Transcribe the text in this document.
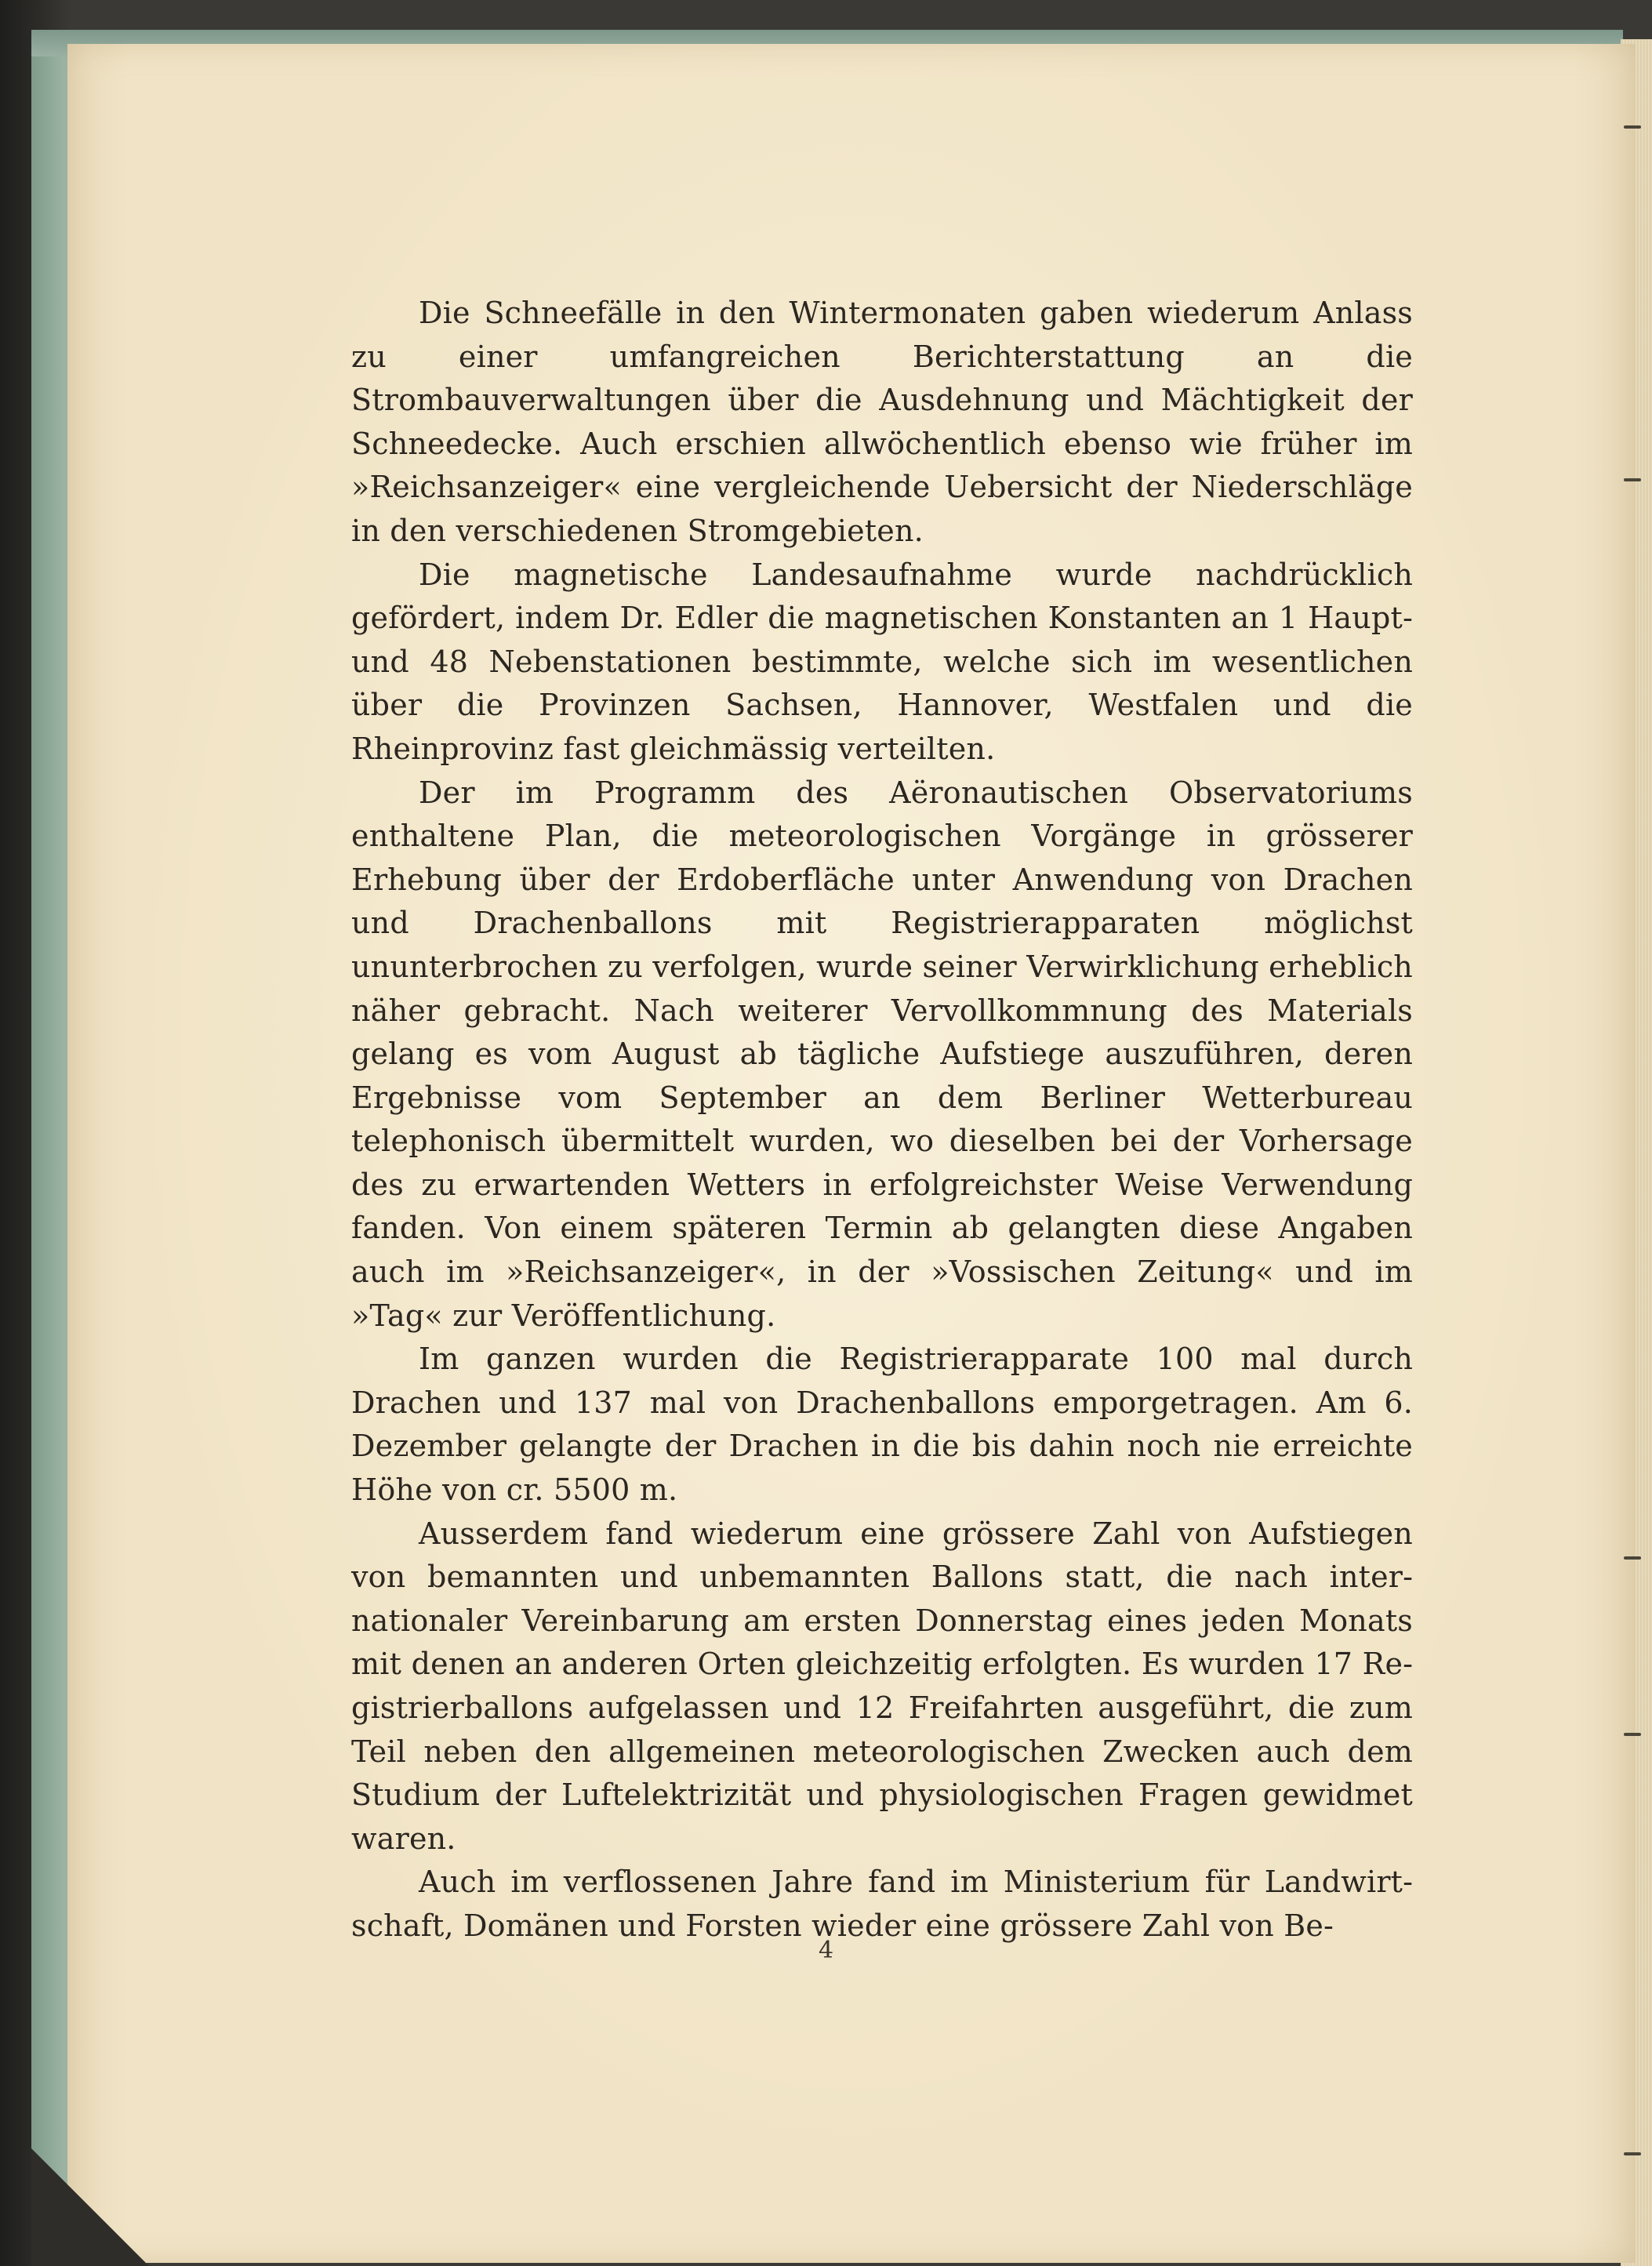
Die Schneefälle in den Wintermonaten gaben wiederum Anlass zu einer umfangreichen Berichterstattung an die Strombauverwaltungen über die Ausdehnung und Mächtigkeit der Schneedecke. Auch erschien allwöchentlich ebenso wie früher im »Reichsanzeiger« eine vergleichende Uebersicht der Niederschläge in den verschiedenen Stromgebieten.

Die magnetische Landesaufnahme wurde nachdrücklich gefördert, indem Dr. Edler die magnetischen Konstanten an 1 Haupt- und 48 Nebenstationen bestimmte, welche sich im wesentlichen über die Provinzen Sachsen, Hannover, Westfalen und die Rheinprovinz fast gleichmässig verteilten.

Der im Programm des Aëronautischen Observatoriums enthaltene Plan, die meteorologischen Vorgänge in grösserer Erhebung über der Erdoberfläche unter Anwendung von Drachen und Drachenballons mit Registrierapparaten möglichst ununterbrochen zu verfolgen, wurde seiner Verwirklichung erheblich näher gebracht. Nach weiterer Vervollkommnung des Materials gelang es vom August ab tägliche Aufstiege auszuführen, deren Ergebnisse vom September an dem Berliner Wetterbureau telephonisch übermittelt wurden, wo dieselben bei der Vorhersage des zu erwartenden Wetters in erfolgreichster Weise Verwendung fanden. Von einem späteren Termin ab gelangten diese Angaben auch im »Reichsanzeiger«, in der »Vossischen Zeitung« und im »Tag« zur Veröffentlichung.

Im ganzen wurden die Registrierapparate 100 mal durch Drachen und 137 mal von Drachenballons emporgetragen. Am 6. Dezember gelangte der Drachen in die bis dahin noch nie erreichte Höhe von cr. 5500 m.

Ausserdem fand wiederum eine grössere Zahl von Aufstiegen von bemannten und unbemannten Ballons statt, die nach internationaler Vereinbarung am ersten Donnerstag eines jeden Monats mit denen an anderen Orten gleichzeitig erfolgten. Es wurden 17 Registrierballons aufgelassen und 12 Freifahrten ausgeführt, die zum Teil neben den allgemeinen meteorologischen Zwecken auch dem Studium der Luftelektrizität und physiologischen Fragen gewidmet waren.

Auch im verflossenen Jahre fand im Ministerium für Landwirtschaft, Domänen und Forsten wieder eine grössere Zahl von Be-

4
